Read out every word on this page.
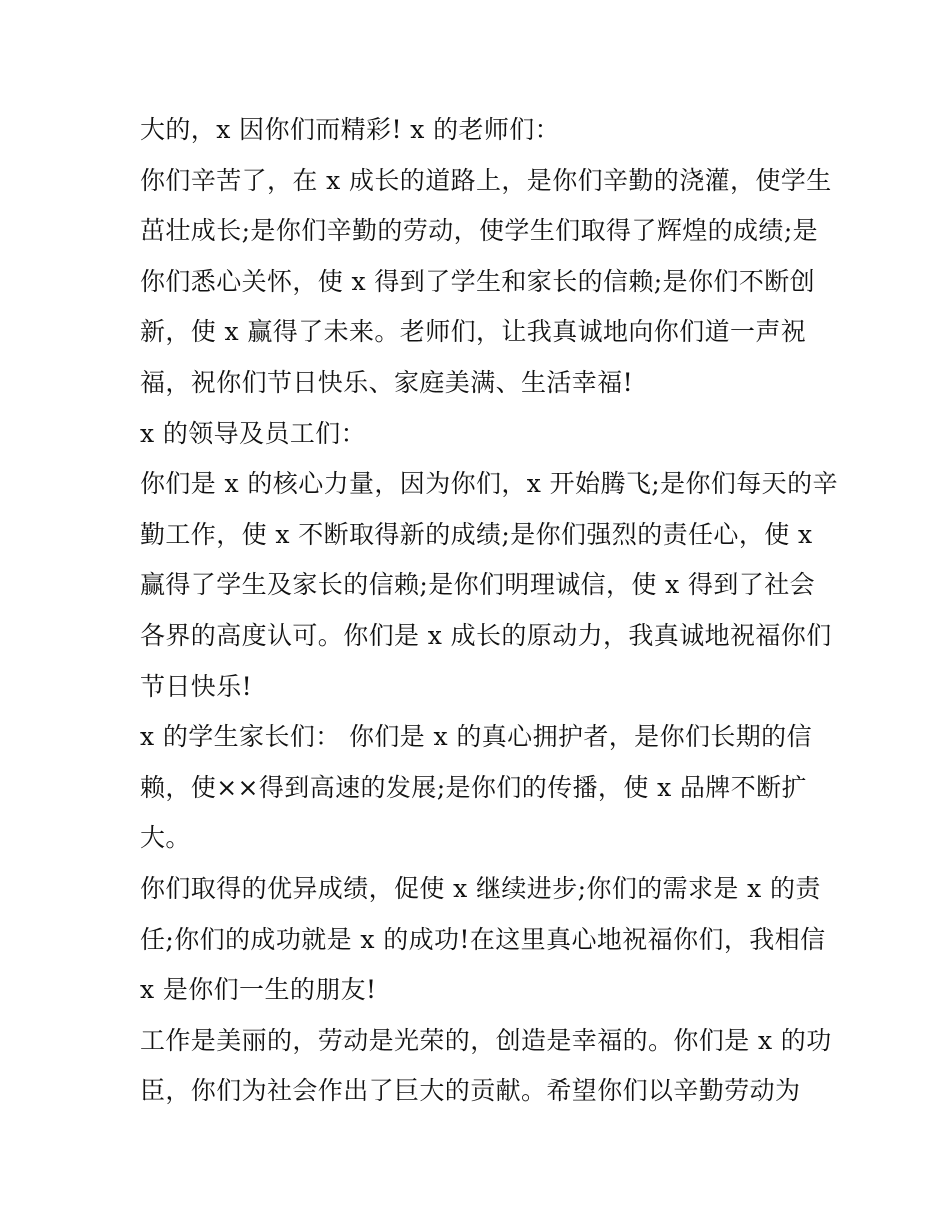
大的，x 因你们而精彩! x 的老师们：
你们辛苦了，在 x 成长的道路上，是你们辛勤的浇灌，使学生
茁壮成长;是你们辛勤的劳动，使学生们取得了辉煌的成绩;是
你们悉心关怀，使 x 得到了学生和家长的信赖;是你们不断创
新，使 x 赢得了未来。老师们，让我真诚地向你们道一声祝
福，祝你们节日快乐、家庭美满、生活幸福!
x 的领导及员工们：
你们是 x 的核心力量，因为你们，x 开始腾飞;是你们每天的辛
勤工作，使 x 不断取得新的成绩;是你们强烈的责任心，使 x
赢得了学生及家长的信赖;是你们明理诚信，使 x 得到了社会
各界的高度认可。你们是 x 成长的原动力，我真诚地祝福你们
节日快乐!
x 的学生家长们： 你们是 x 的真心拥护者，是你们长期的信
赖，使××得到高速的发展;是你们的传播，使 x 品牌不断扩
大。
你们取得的优异成绩，促使 x 继续进步;你们的需求是 x 的责
任;你们的成功就是 x 的成功!在这里真心地祝福你们，我相信
x 是你们一生的朋友!
工作是美丽的，劳动是光荣的，创造是幸福的。你们是 x 的功
臣，你们为社会作出了巨大的贡献。希望你们以辛勤劳动为
